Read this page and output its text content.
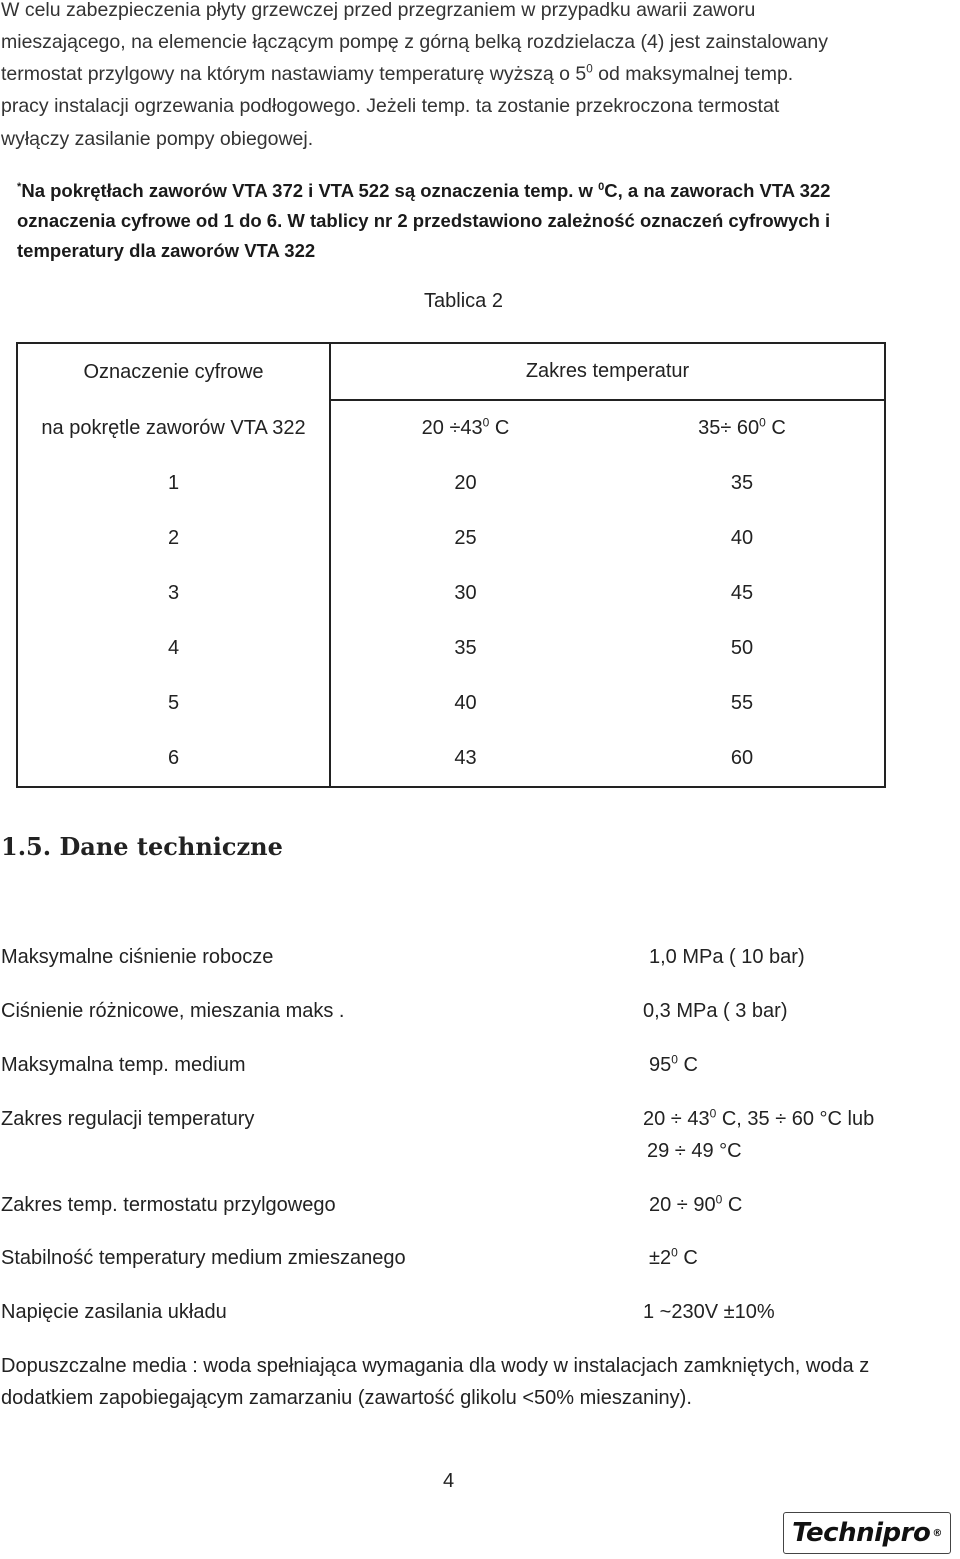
W celu zabezpieczenia płyty grzewczej przed przegrzaniem w przypadku awarii zaworu
mieszającego, na elemencie łączącym pompę z górną belką rozdzielacza (4) jest zainstalowany
termostat przylgowy na którym nastawiamy temperaturę wyższą o $5^0$ od maksymalnej temp.
pracy instalacji ogrzewania podłogowego. Jeżeli temp. ta zostanie przekroczona termostat
wyłączy zasilanie pompy obiegowej.
*Na pokrętłach zaworów VTA 372 i VTA 522 są oznaczenia temp. w $^0$C, a na zaworach VTA 322
oznaczenia cyfrowe od 1 do 6. W tablicy nr 2 przedstawiono zależność oznaczeń cyfrowych i
temperatury dla zaworów VTA 322
Tablica 2
Oznaczenie cyfrowe	Zakres temperatur	
na pokrętle zaworów VTA 322	$20 \div 43^0$ C	$35\div 60^0$ C
1	20	35
2	25	40
3	30	45
4	35	50
5	40	55
6	43	60
1.5. Dane techniczne
Maksymalne ciśnienie robocze	1,0 MPa ( 10 bar)
Ciśnienie różnicowe, mieszania maks .	0,3 MPa ( 3 bar)
Maksymalna temp. medium	$95^0$ C
Zakres regulacji temperatury	$20 \div 43^0$ C, 35 ÷ 60 °C lub
29 ÷ 49 °C
Zakres temp. termostatu przylgowego	$20 \div 90^0$ C
Stabilność temperatury medium zmieszanego	$\pm 2^0$ C
Napięcie zasilania układu	1 ~230V ±10%
Dopuszczalne media : woda spełniająca wymagania dla wody w instalacjach zamkniętych, woda z
dodatkiem zapobiegającym zamarzaniu (zawartość glikolu <50% mieszaniny).
4
Technipro ®
